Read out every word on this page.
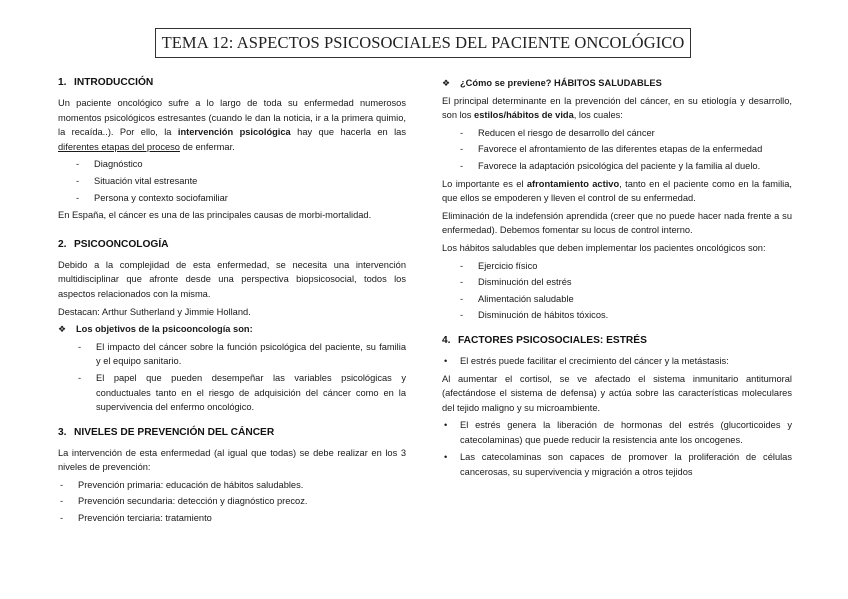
TEMA 12: ASPECTOS PSICOSOCIALES DEL PACIENTE ONCOLÓGICO
1. INTRODUCCIÓN

Un paciente oncológico sufre a lo largo de toda su enfermedad numerosos momentos psicológicos estresantes (cuando le dan la noticia, ir a la primera quimio, la recaída..). Por ello, la intervención psicológica hay que hacerla en las diferentes etapas del proceso de enfermar.

- Diagnóstico
- Situación vital estresante
- Persona y contexto sociofamiliar

En España, el cáncer es una de las principales causas de morbi-mortalidad.

2. PSICOONCOLOGÍA

Debido a la complejidad de esta enfermedad, se necesita una intervención multidisciplinar que afronte desde una perspectiva biopsicosocial, todos los aspectos relacionados con la misma.

Destacan: Arthur Sutherland y Jimmie Holland.

❖ Los objetivos de la psicooncología son:
- El impacto del cáncer sobre la función psicológica del paciente, su familia y el equipo sanitario.
- El papel que pueden desempeñar las variables psicológicas y conductuales tanto en el riesgo de adquisición del cáncer como en la supervivencia del enfermo oncológico.
3. NIVELES DE PREVENCIÓN DEL CÁNCER

La intervención de esta enfermedad (al igual que todas) se debe realizar en los 3 niveles de prevención:

- Prevención primaria: educación de hábitos saludables.
- Prevención secundaria: detección y diagnóstico precoz.
- Prevención terciaria: tratamiento
❖ ¿Cómo se previene? HÁBITOS SALUDABLES

El principal determinante en la prevención del cáncer, en su etiología y desarrollo, son los estilos/hábitos de vida, los cuales:

- Reducen el riesgo de desarrollo del cáncer
- Favorece el afrontamiento de las diferentes etapas de la enfermedad
- Favorece la adaptación psicológica del paciente y la familia al duelo.

Lo importante es el afrontamiento activo, tanto en el paciente como en la familia, que ellos se empoderen y lleven el control de su enfermedad.

Eliminación de la indefensión aprendida (creer que no puede hacer nada frente a su enfermedad). Debemos fomentar su locus de control interno.

Los hábitos saludables que deben implementar los pacientes oncológicos son:

- Ejercicio físico
- Disminución del estrés
- Alimentación saludable
- Disminución de hábitos tóxicos.
4. FACTORES PSICOSOCIALES: ESTRÉS
• El estrés puede facilitar el crecimiento del cáncer y la metástasis:

Al aumentar el cortisol, se ve afectado el sistema inmunitario antitumoral (afectándose el sistema de defensa) y actúa sobre las características moleculares del tejido maligno y su microambiente.

• El estrés genera la liberación de hormonas del estrés (glucorticoides y catecolaminas) que puede reducir la resistencia ante los oncogenes.
• Las catecolaminas son capaces de promover la proliferación de células cancerosas, su supervivencia y migración a otros tejidos
